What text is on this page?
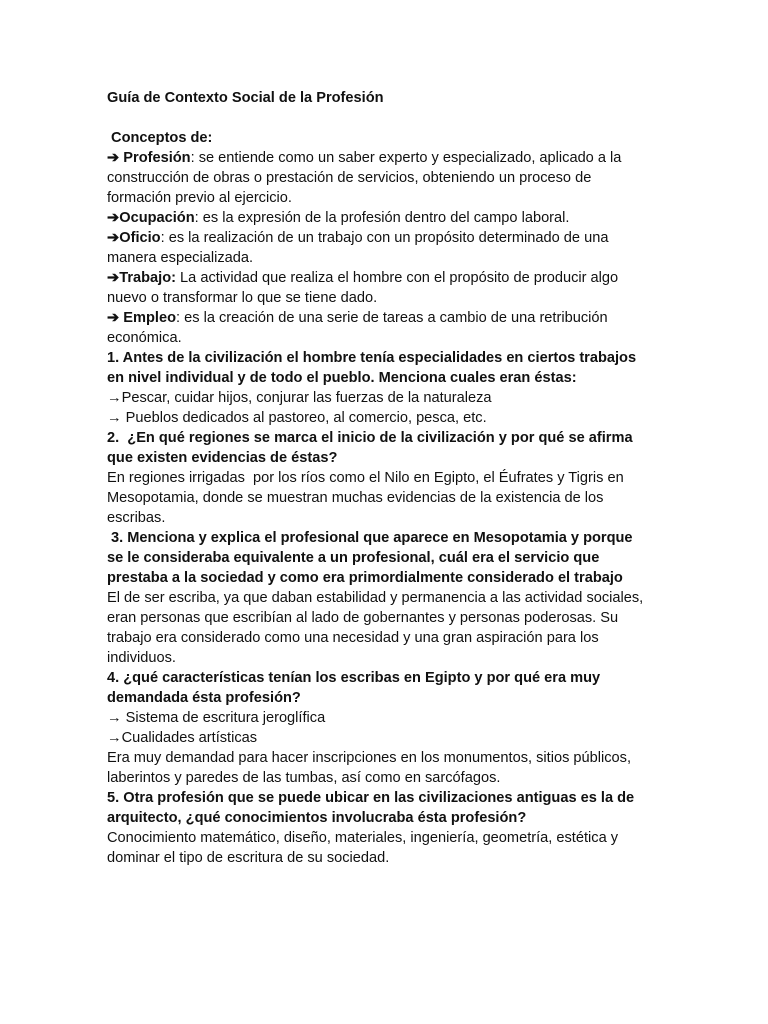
Guía de Contexto Social de la Profesión
Conceptos de:
➔ Profesión: se entiende como un saber experto y especializado, aplicado a la
construcción de obras o prestación de servicios, obteniendo un proceso de
formación previo al ejercicio.
➔Ocupación: es la expresión de la profesión dentro del campo laboral.
➔Oficio: es la realización de un trabajo con un propósito determinado de una
manera especializada.
➔Trabajo: La actividad que realiza el hombre con el propósito de producir algo
nuevo o transformar lo que se tiene dado.
➔ Empleo: es la creación de una serie de tareas a cambio de una retribución
económica.
1. Antes de la civilización el hombre tenía especialidades en ciertos trabajos
en nivel individual y de todo el pueblo. Menciona cuales eran éstas:
→Pescar, cuidar hijos, conjurar las fuerzas de la naturaleza
→ Pueblos dedicados al pastoreo, al comercio, pesca, etc.
2.  ¿En qué regiones se marca el inicio de la civilización y por qué se afirma
que existen evidencias de éstas?
En regiones irrigadas  por los ríos como el Nilo en Egipto, el Éufrates y Tigris en
Mesopotamia, donde se muestran muchas evidencias de la existencia de los
escribas.
3. Menciona y explica el profesional que aparece en Mesopotamia y porque
se le consideraba equivalente a un profesional, cuál era el servicio que
prestaba a la sociedad y como era primordialmente considerado el trabajo
El de ser escriba, ya que daban estabilidad y permanencia a las actividad sociales,
eran personas que escribían al lado de gobernantes y personas poderosas. Su
trabajo era considerado como una necesidad y una gran aspiración para los
individuos.
4. ¿qué características tenían los escribas en Egipto y por qué era muy
demandada ésta profesión?
→ Sistema de escritura jeroglífica
→Cualidades artísticas
Era muy demandad para hacer inscripciones en los monumentos, sitios públicos,
laberintos y paredes de las tumbas, así como en sarcófagos.
5. Otra profesión que se puede ubicar en las civilizaciones antiguas es la de
arquitecto, ¿qué conocimientos involucraba ésta profesión?
Conocimiento matemático, diseño, materiales, ingeniería, geometría, estética y
dominar el tipo de escritura de su sociedad.
